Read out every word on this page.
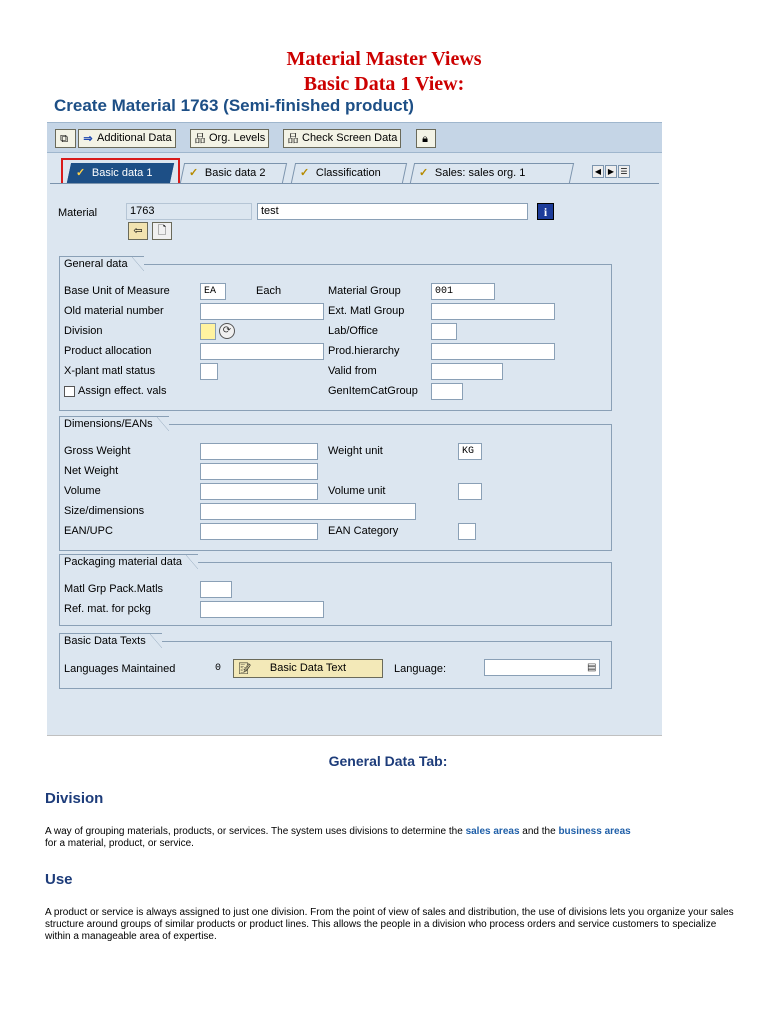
Material Master Views
Basic Data 1 View:
Create Material 1763 (Semi-finished product)
⧉ ⇒ Additional Data 品 Org. Levels 品 Check Screen Data 🔒︎
✓ Basic data 1	✓ Basic data 2	✓ Classification	✓ Sales: sales org. 1	◀ ▶ ☰
Material	1763	test	i
⇦	🗋
General data
Base Unit of Measure	EA	Each	Material Group	001
Old material number	Ext. Matl Group
Division	⟳	Lab/Office
Product allocation	Prod.hierarchy
X-plant matl status	Valid from
Assign effect. vals	GenItemCatGroup
Dimensions/EANs
Gross Weight	Weight unit	KG
Net Weight
Volume	Volume unit
Size/dimensions
EAN/UPC	EAN Category
Packaging material data
Matl Grp Pack.Matls
Ref. mat. for pckg
Basic Data Texts
Languages Maintained	0 📝︎ Basic Data Text	Language:	▤
General Data Tab:
Division
A way of grouping materials, products, or services. The system uses divisions to determine the sales areas and the business areas
for a material, product, or service.
Use
A product or service is always assigned to just one division. From the point of view of sales and distribution, the use of divisions lets you organize your sales structure around groups of similar products or product lines. This allows the people in a division who process orders and service customers to specialize within a manageable area of expertise.
